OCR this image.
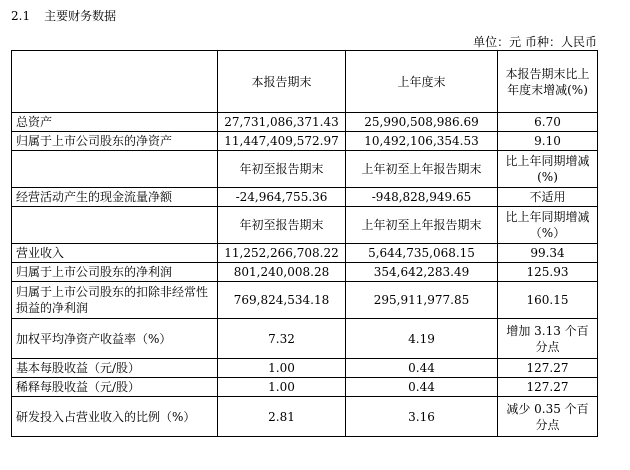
2.1 主要财务数据
单位：元 币种：人民币
	本报告期末	上年度末	本报告期末比上年度末增减(%)
总资产	27,731,086,371.43	25,990,508,986.69	6.70
归属于上市公司股东的净资产	11,447,409,572.97	10,492,106,354.53	9.10
	年初至报告期末	上年初至上年报告期末	比上年同期增减(%)
经营活动产生的现金流量净额	-24,964,755.36	-948,828,949.65	不适用
	年初至报告期末	上年初至上年报告期末	比上年同期增减（%）
营业收入	11,252,266,708.22	5,644,735,068.15	99.34
归属于上市公司股东的净利润	801,240,008.28	354,642,283.49	125.93
归属于上市公司股东的扣除非经常性损益的净利润	769,824,534.18	295,911,977.85	160.15
加权平均净资产收益率（%）	7.32	4.19	增加 3.13 个百分点
基本每股收益（元/股）	1.00	0.44	127.27
稀释每股收益（元/股）	1.00	0.44	127.27
研发投入占营业收入的比例（%）	2.81	3.16	减少 0.35 个百分点
